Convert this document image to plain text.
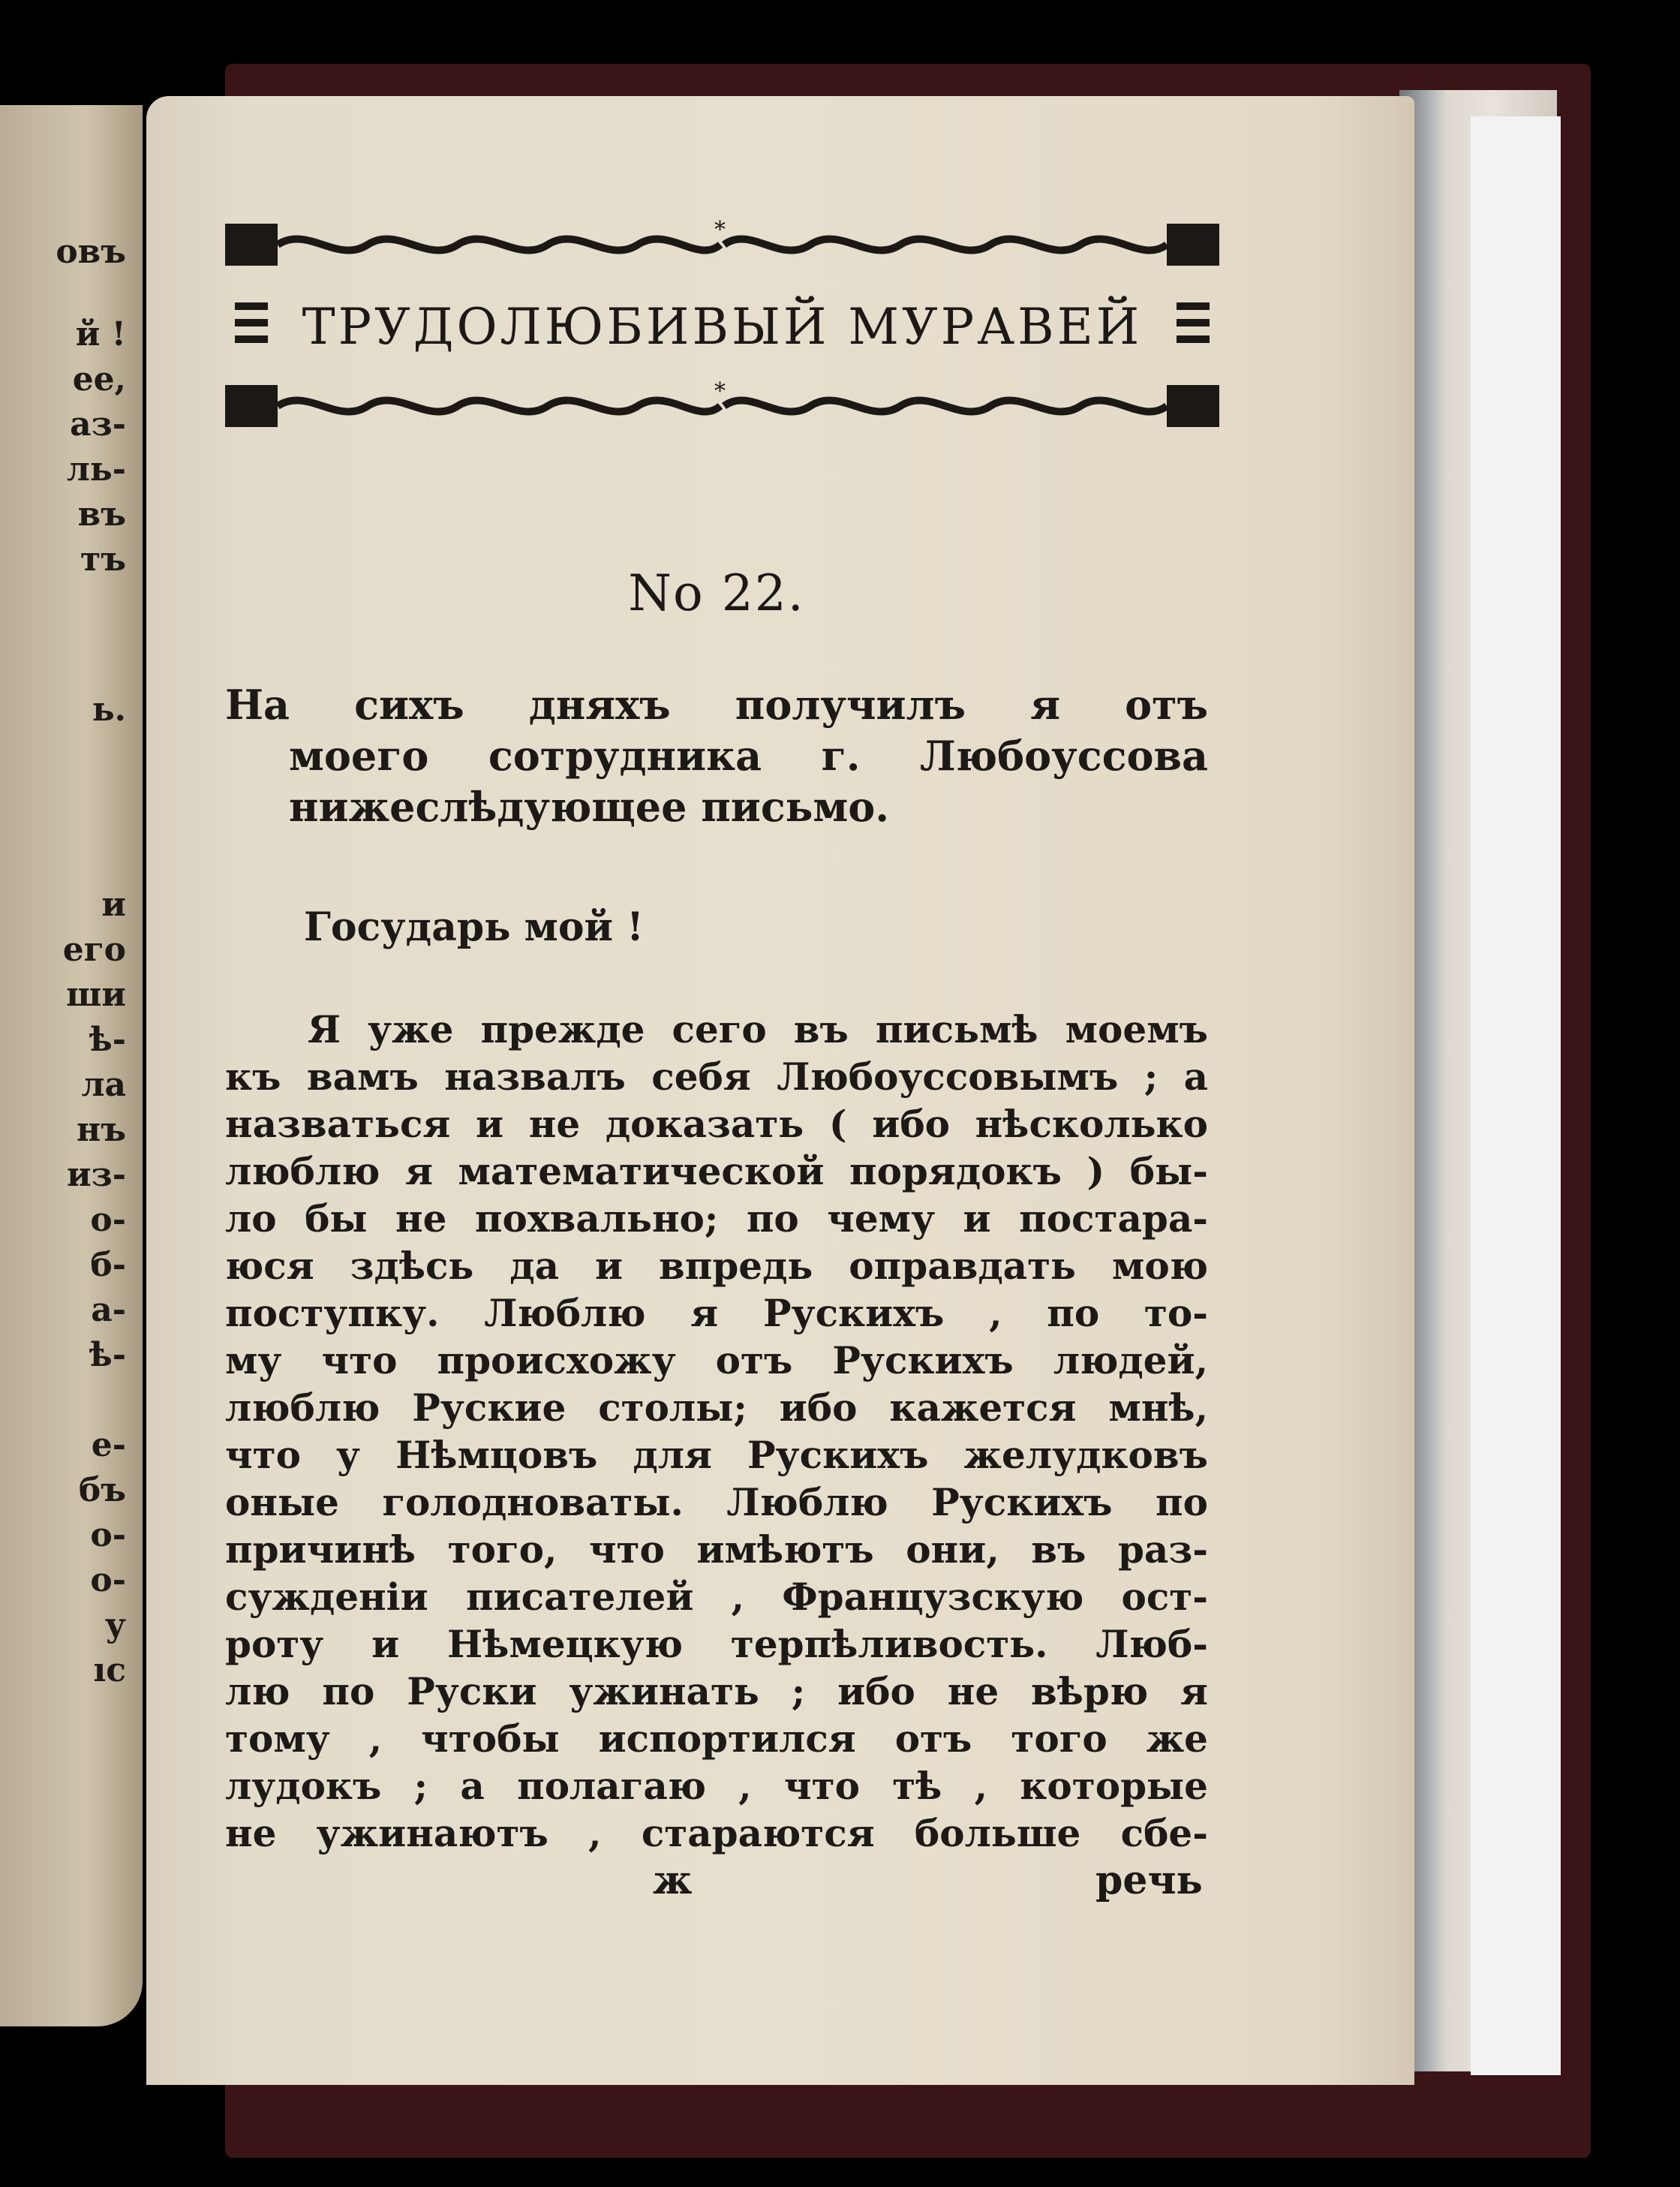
овъ
й !
ее,
аз-
ль-
въ
тъ
ь.
и
его
ши
ѣ-
ла
нъ
из-
о-
б-
а-
ѣ-
е-
бъ
о-
о-
у
ıс
*
ТРУДОЛЮБИВЫЙ МУРАВЕЙ
*
No 22.
На сихъ дняхъ получилъ я отъ
моего сотрудника г. Любоуссова
нижеслѣдующее письмо.
Государь мой !
Я уже прежде сего въ письмѣ моемъ
къ вамъ назвалъ себя Любоуссовымъ ; а
назваться и не доказать ( ибо нѣсколько
люблю я математической порядокъ ) бы-
ло бы не похвально; по чему и постара-
юся здѣсь да и впредь оправдать мою
поступку. Люблю я Рускихъ , по то-
му что происхожу отъ Рускихъ людей,
люблю Руские столы; ибо кажется мнѣ,
что у Нѣмцовъ для Рускихъ желудковъ
оные голодноваты. Люблю Рускихъ по
причинѣ того, что имѣютъ они, въ раз-
сужденіи писателей , Французскую ост-
роту и Нѣмецкую терпѣливость. Люб-
лю по Руски ужинать ; ибо не вѣрю я
тому , чтобы испортился отъ того же
лудокъ ; а полагаю , что тѣ , которые
не ужинаютъ , стараются больше сбе-
ж	речь
